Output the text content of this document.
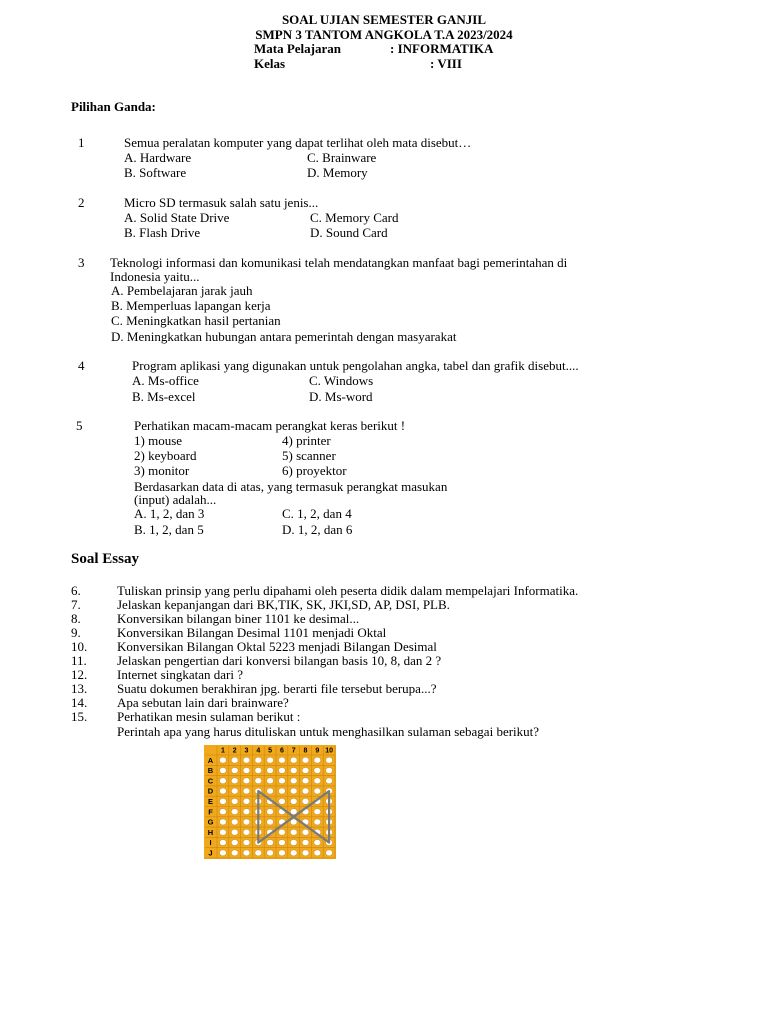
SOAL UJIAN SEMESTER GANJIL
SMPN 3 TANTOM ANGKOLA T.A 2023/2024
Mata Pelajaran	: INFORMATIKA
Kelas	: VIII
Pilihan Ganda:
1	Semua peralatan komputer yang dapat terlihat oleh mata disebut…
A. Hardware	C. Brainware
B. Software	D. Memory
2	Micro SD termasuk salah satu jenis...
A. Solid State Drive	C. Memory Card
B. Flash Drive	D. Sound Card
3 Teknologi informasi dan komunikasi telah mendatangkan manfaat bagi pemerintahan di
Indonesia yaitu...
A. Pembelajaran jarak jauh
B. Memperluas lapangan kerja
C. Meningkatkan hasil pertanian
D. Meningkatkan hubungan antara pemerintah dengan masyarakat
4	Program aplikasi yang digunakan untuk pengolahan angka, tabel dan grafik disebut....
A. Ms-office	C. Windows
B. Ms-excel	D. Ms-word
5	Perhatikan macam-macam perangkat keras berikut !
1) mouse	4) printer
2) keyboard	5) scanner
3) monitor	6) proyektor
Berdasarkan data di atas, yang termasuk perangkat masukan
(input) adalah...
A. 1, 2, dan 3	C. 1, 2, dan 4
B. 1, 2, dan 5	D. 1, 2, dan 6
Soal Essay
6.	Tuliskan prinsip yang perlu dipahami oleh peserta didik dalam mempelajari Informatika.
7.	Jelaskan kepanjangan dari BK,TIK, SK, JKI,SD, AP, DSI, PLB.
8.	Konversikan bilangan biner 1101 ke desimal...
9.	Konversikan Bilangan Desimal 1101 menjadi Oktal
10. Konversikan Bilangan Oktal 5223 menjadi Bilangan Desimal
11. Jelaskan pengertian dari konversi bilangan basis 10, 8, dan 2 ?
12. Internet singkatan dari ?
13. Suatu dokumen berakhiran jpg. berarti file tersebut berupa...?
14. Apa sebutan lain dari brainware?
15. Perhatikan mesin sulaman berikut :
Perintah apa yang harus dituliskan untuk menghasilkan sulaman sebagai berikut?
1 2 3 4 5 6 7 8 9 10
A
B
C
D
E
F
G
H
I
J
